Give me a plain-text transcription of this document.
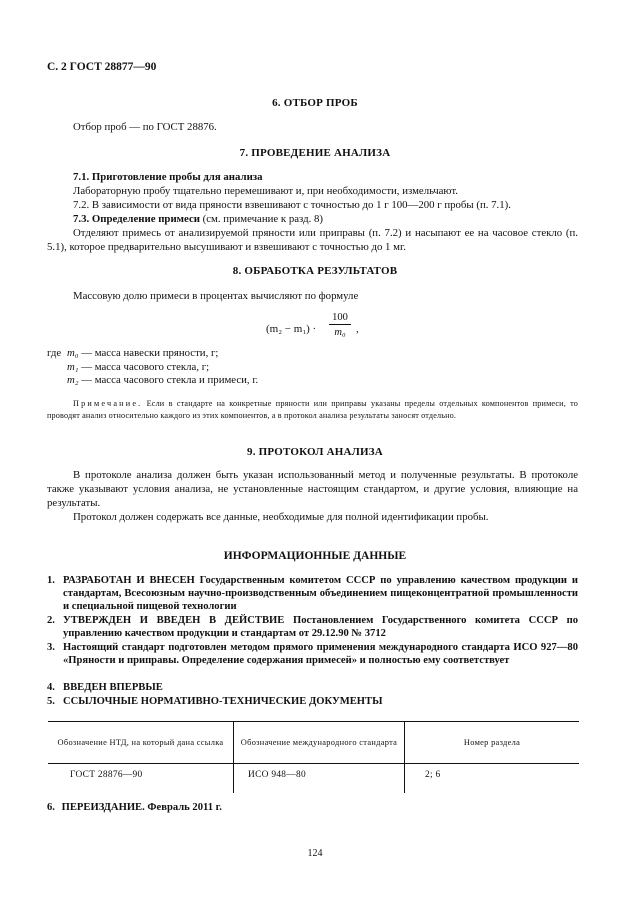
С. 2 ГОСТ 28877—90
6. ОТБОР ПРОБ
Отбор проб — по ГОСТ 28876.
7. ПРОВЕДЕНИЕ АНАЛИЗА
7.1. Приготовление пробы для анализа
Лабораторную пробу тщательно перемешивают и, при необходимости, измельчают.
7.2. В зависимости от вида пряности взвешивают с точностью до 1 г 100—200 г пробы (п. 7.1).
7.3. Определение примеси (см. примечание к разд. 8)
Отделяют примесь от анализируемой пряности или приправы (п. 7.2) и насыпают ее на часовое стекло (п. 5.1), которое предварительно высушивают и взвешивают с точностью до 1 мг.
8. ОБРАБОТКА РЕЗУЛЬТАТОВ
Массовую долю примеси в процентах вычисляют по формуле
(m₂ − m₁) ·
100
m₀ ,
где m₀ — масса навески пряности, г;
m₁ — масса часового стекла, г;
m₂ — масса часового стекла и примеси, г.
Примечание. Если в стандарте на конкретные пряности или приправы указаны пределы отдельных компонентов примеси, то проводят анализ относительно каждого из этих компонентов, а в протокол анализа результаты заносят отдельно.
9. ПРОТОКОЛ АНАЛИЗА
В протоколе анализа должен быть указан использованный метод и полученные результаты. В протоколе также указывают условия анализа, не установленные настоящим стандартом, и другие условия, влияющие на результаты.
Протокол должен содержать все данные, необходимые для полной идентификации пробы.
ИНФОРМАЦИОННЫЕ ДАННЫЕ
1. РАЗРАБОТАН И ВНЕСЕН Государственным комитетом СССР по управлению качеством продукции и стандартам, Всесоюзным научно-производственным объединением пищеконцентратной промышленности и специальной пищевой технологии
2. УТВЕРЖДЕН И ВВЕДЕН В ДЕЙСТВИЕ Постановлением Государственного комитета СССР по управлению качеством продукции и стандартам от 29.12.90 № 3712
3. Настоящий стандарт подготовлен методом прямого применения международного стандарта ИСО 927—80 «Пряности и приправы. Определение содержания примесей» и полностью ему соответствует
4. ВВЕДЕН ВПЕРВЫЕ
5. ССЫЛОЧНЫЕ НОРМАТИВНО-ТЕХНИЧЕСКИЕ ДОКУМЕНТЫ
Обозначение НТД, на который дана ссылка	Обозначение международного стандарта	Номер раздела
ГОСТ 28876—90	ИСО 948—80	2; 6
6. ПЕРЕИЗДАНИЕ. Февраль 2011 г.
124
